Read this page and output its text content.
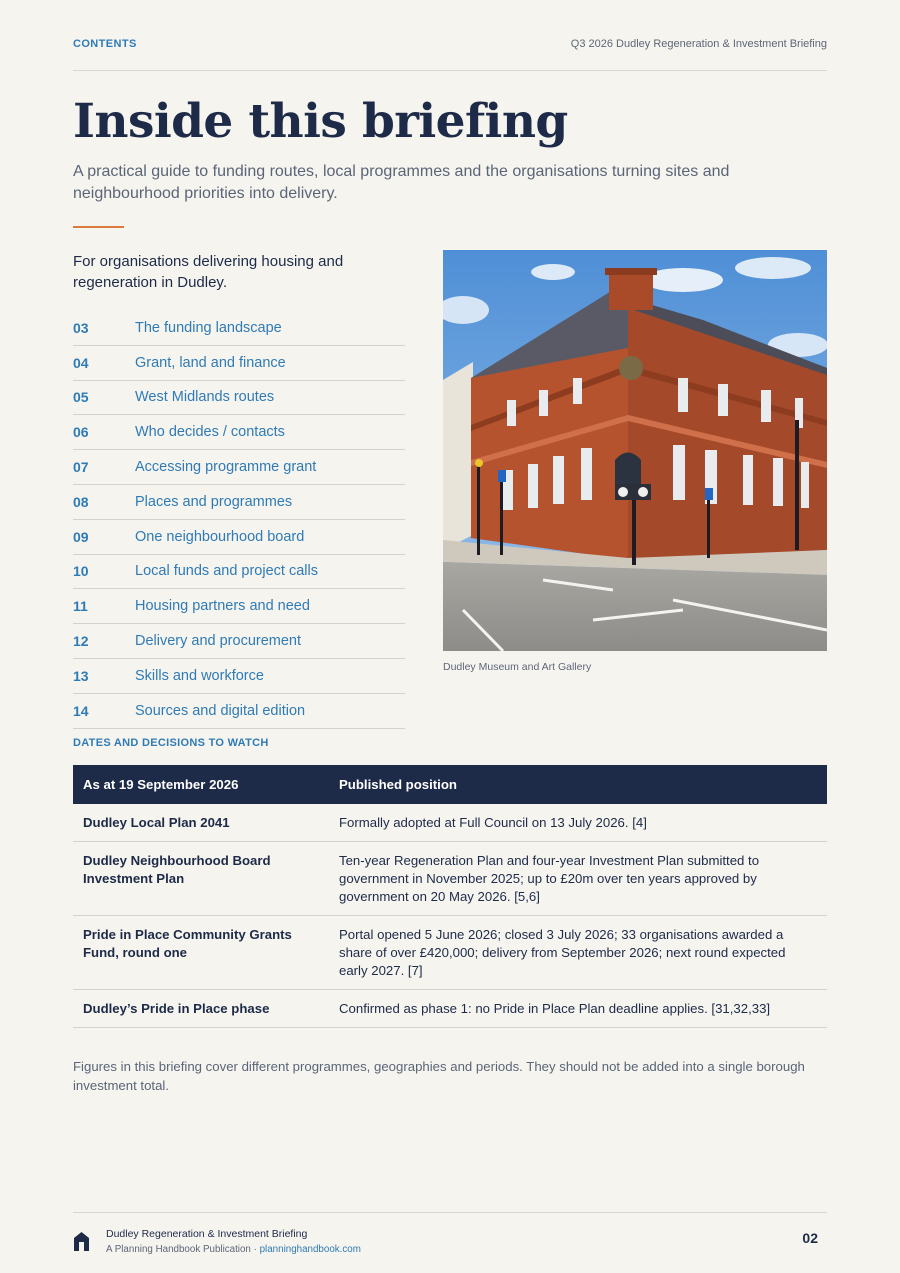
CONTENTS	Q3 2026 Dudley Regeneration & Investment Briefing
Inside this briefing

A practical guide to funding routes, local programmes and the organisations turning sites and neighbourhood priorities into delivery.

For organisations delivering housing and regeneration in Dudley.

03	The funding landscape
04	Grant, land and finance
05	West Midlands routes
06	Who decides / contacts
07	Accessing programme grant
08	Places and programmes
09	One neighbourhood board
10	Local funds and project calls
11	Housing partners and need
12	Delivery and procurement
13	Skills and workforce
14	Sources and digital edition
Dudley Museum and Art Gallery
DATES AND DECISIONS TO WATCH
As at 19 September 2026	Published position
Dudley Local Plan 2041	Formally adopted at Full Council on 13 July 2026. [4]
Dudley Neighbourhood Board Investment Plan	Ten-year Regeneration Plan and four-year Investment Plan submitted to government in November 2025; up to £20m over ten years approved by government on 20 May 2026. [5,6]
Pride in Place Community Grants Fund, round one	Portal opened 5 June 2026; closed 3 July 2026; 33 organisations awarded a share of over £420,000; delivery from September 2026; next round expected early 2027. [7]
Dudley’s Pride in Place phase	Confirmed as phase 1: no Pride in Place Plan deadline applies. [31,32,33]

Figures in this briefing cover different programmes, geographies and periods. They should not be added into a single borough investment total.

Dudley Regeneration & Investment Briefing
A Planning Handbook Publication · planninghandbook.com
02
